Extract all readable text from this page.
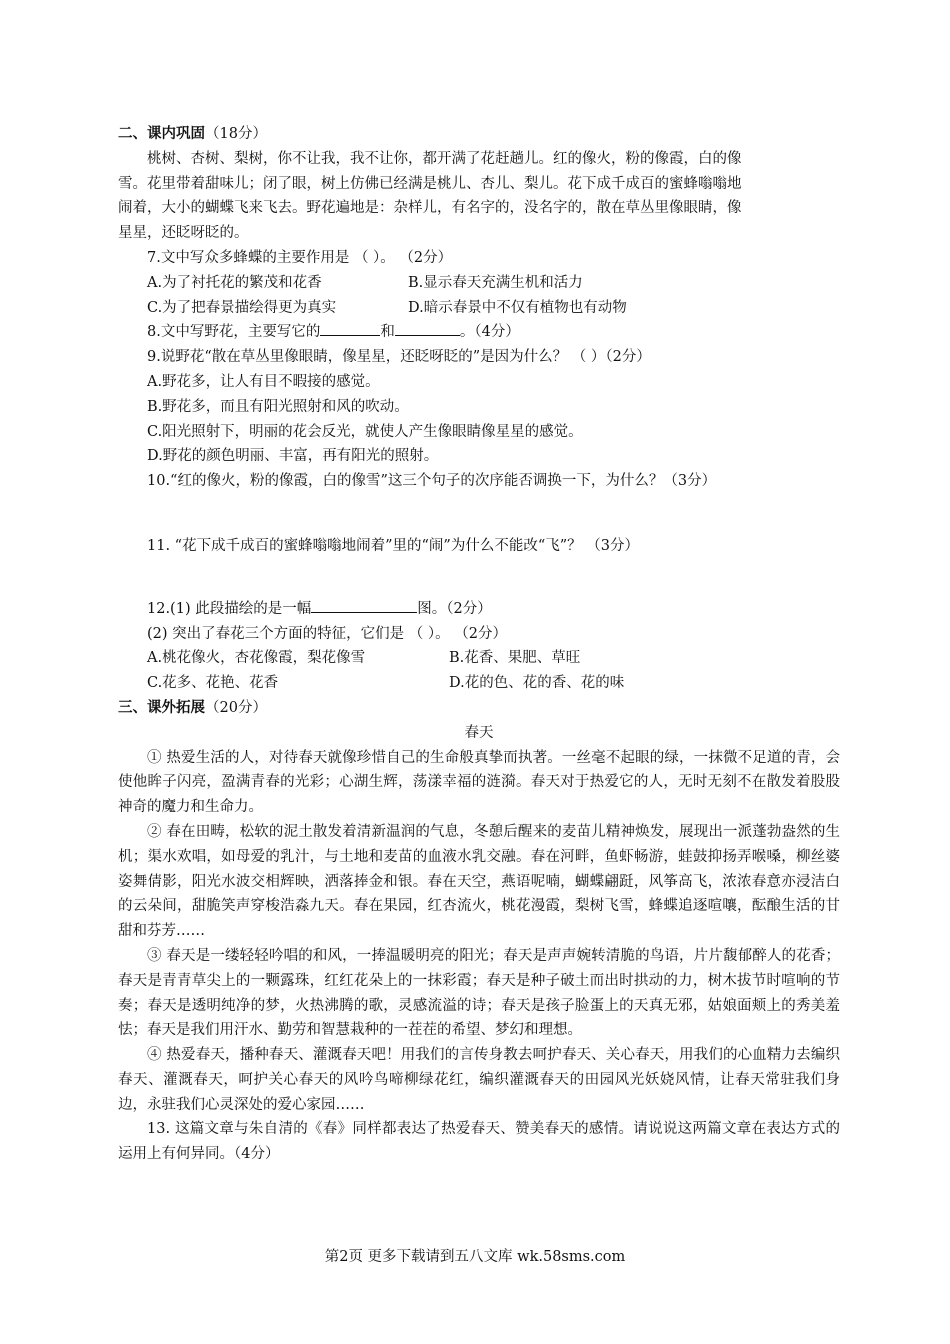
二、课内巩固（18分）

桃树、杏树、梨树，你不让我，我不让你，都开满了花赶趟儿。红的像火，粉的像霞，白的像

雪。花里带着甜味儿；闭了眼，树上仿佛已经满是桃儿、杏儿、梨儿。花下成千成百的蜜蜂嗡嗡地

闹着，大小的蝴蝶飞来飞去。野花遍地是：杂样儿，有名字的，没名字的，散在草丛里像眼睛，像

星星，还眨呀眨的。

7.文中写众多蜂蝶的主要作用是 （ ）。 （2分）

A.为了衬托花的繁茂和花香	B.显示春天充满生机和活力
C.为了把春景描绘得更为真实	D.暗示春景中不仅有植物也有动物

8.文中写野花，主要写它的	和	。（4分）

9.说野花“散在草丛里像眼睛，像星星，还眨呀眨的”是因为什么？ （ ）（2分）

A.野花多，让人有目不暇接的感觉。

B.野花多，而且有阳光照射和风的吹动。

C.阳光照射下，明丽的花会反光，就使人产生像眼睛像星星的感觉。

D.野花的颜色明丽、丰富，再有阳光的照射。

10.“红的像火，粉的像霞，白的像雪”这三个句子的次序能否调换一下，为什么？（3分）

11. “花下成千成百的蜜蜂嗡嗡地闹着”里的“闹”为什么不能改“飞”？ （3分）

12.(1) 此段描绘的是一幅	图。（2分）

(2) 突出了春花三个方面的特征，它们是 （ ）。 （2分）

A.桃花像火，杏花像霞，梨花像雪	B.花香、果肥、草旺
C.花多、花艳、花香	D.花的色、花的香、花的味

三、课外拓展（20分）

春天

① 热爱生活的人，对待春天就像珍惜自己的生命般真挚而执著。一丝毫不起眼的绿，一抹微不足道的青，会使他眸子闪亮，盈满青春的光彩；心湖生辉，荡漾幸福的涟漪。春天对于热爱它的人，无时无刻不在散发着股股神奇的魔力和生命力。

② 春在田畴，松软的泥土散发着清新温润的气息，冬憩后醒来的麦苗儿精神焕发，展现出一派蓬勃盎然的生机；渠水欢唱，如母爱的乳汁，与土地和麦苗的血液水乳交融。春在河畔，鱼虾畅游，蛙鼓抑扬弄喉嗓，柳丝婆姿舞倩影，阳光水波交相辉映，洒落捧金和银。春在天空，燕语呢喃，蝴蝶翩跹，风筝高飞，浓浓春意亦浸洁白的云朵间，甜脆笑声穿梭浩淼九天。春在果园，红杏流火，桃花漫霞，梨树飞雪，蜂蝶追逐喧嚷，酝酿生活的甘甜和芬芳……

③ 春天是一缕轻轻吟唱的和风，一捧温暖明亮的阳光；春天是声声婉转清脆的鸟语，片片馥郁醉人的花香；春天是青青草尖上的一颗露珠，红红花朵上的一抹彩霞；春天是种子破土而出时拱动的力，树木拔节时喧响的节奏；春天是透明纯净的梦，火热沸腾的歌，灵感流溢的诗；春天是孩子脸蛋上的天真无邪，姑娘面颊上的秀美羞怯；春天是我们用汗水、勤劳和智慧栽种的一茬茬的希望、梦幻和理想。

④ 热爱春天，播种春天、灌溉春天吧！用我们的言传身教去呵护春天、关心春天，用我们的心血精力去编织春天、灌溉春天，呵护关心春天的风吟鸟啼柳绿花红，编织灌溉春天的田园风光妖娆风情，让春天常驻我们身边，永驻我们心灵深处的爱心家园……

13. 这篇文章与朱自清的《春》同样都表达了热爱春天、赞美春天的感情。请说说这两篇文章在表达方式的运用上有何异同。（4分）

第2页 更多下载请到五八文库 wk.58sms.com
